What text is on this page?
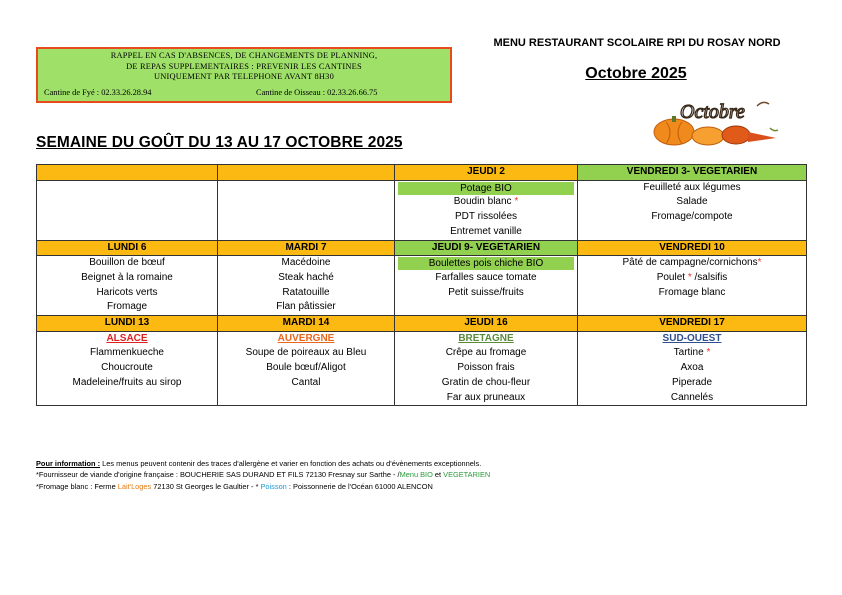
RAPPEL EN CAS D'ABSENCES, DE CHANGEMENTS DE PLANNING,
DE REPAS SUPPLEMENTAIRES : PREVENIR LES CANTINES
UNIQUEMENT PAR TELEPHONE AVANT 8H30
Cantine de Fyé : 02.33.26.28.94	Cantine de Oisseau : 02.33.26.66.75
MENU RESTAURANT SCOLAIRE RPI DU ROSAY NORD
Octobre 2025
Octobre
SEMAINE DU GOÛT DU 13 AU 17 OCTOBRE 2025
		JEUDI 2	VENDREDI 3- VEGETARIEN

		Potage BIO	Feuilleté aux légumes
		Boudin blanc *	Salade
		PDT rissolées	Fromage/compote
		Entremet vanille	
LUNDI 6	MARDI 7	JEUDI 9- VEGETARIEN	VENDREDI 10
Bouillon de bœuf	Macédoine	Boulettes pois chiche BIO	Pâté de campagne/cornichons*
Beignet à la romaine	Steak haché	Farfalles sauce tomate	Poulet * /salsifis
Haricots verts	Ratatouille	Petit suisse/fruits	Fromage blanc
Fromage	Flan pâtissier		
LUNDI 13	MARDI 14	JEUDI 16	VENDREDI 17
ALSACE	AUVERGNE	BRETAGNE	SUD-OUEST
Flammenkueche	Soupe de poireaux au Bleu	Crêpe au fromage	Tartine *
Choucroute	Boule bœuf/Aligot	Poisson frais	Axoa
Madeleine/fruits au sirop	Cantal	Gratin de chou-fleur	Piperade
		Far aux pruneaux	Cannelés
Pour information : Les menus peuvent contenir des traces d'allergène et varier en fonction des achats ou d'évènements exceptionnels.
*Fournisseur de viande d'origine française : BOUCHERIE SAS DURAND ET FILS 72130 Fresnay sur Sarthe - /Menu BIO et VEGETARIEN
*Fromage blanc : Ferme Lait'Loges 72130 St Georges le Gaultier - * Poisson : Poissonnerie de l'Océan 61000 ALENCON
